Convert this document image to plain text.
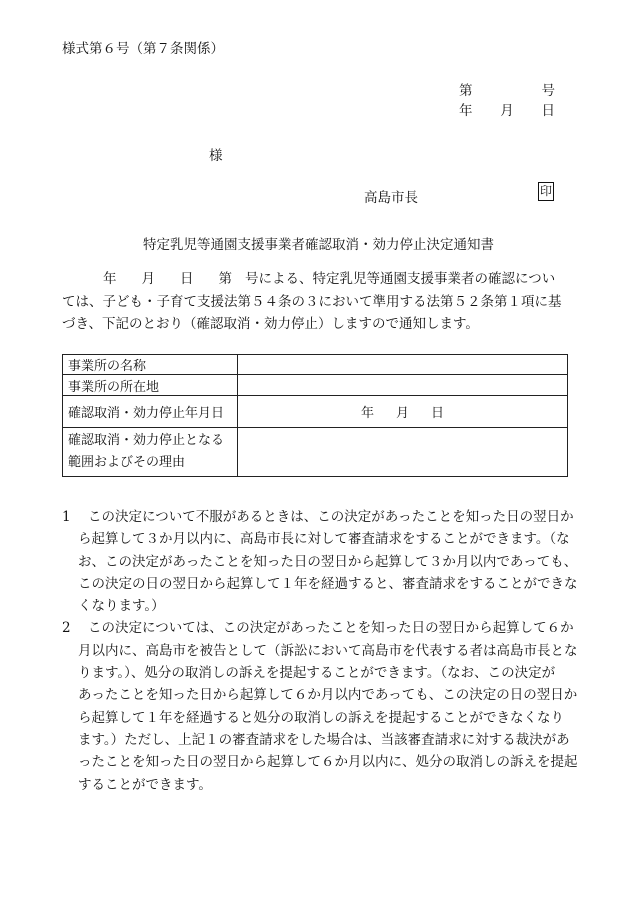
様式第６号（第７条関係）
第	号
年 月 日
様
高島市長	印
特定乳児等通園支援事業者確認取消・効力停止決定通知書
年 月 日 第 号による、特定乳児等通園支援事業者の確認につい
ては、子ども・子育て支援法第５４条の３において準用する法第５２条第１項に基
づき、下記のとおり（確認取消・効力停止）しますので通知します。
事業所の名称	
事業所の所在地	
確認取消・効力停止年月日	年 月 日

確認取消・効力停止となる
範囲およびその理由	

1	この決定について不服があるときは、この決定があったことを知った日の翌日か
ら起算して３か月以内に、高島市長に対して審査請求をすることができます。（な
お、この決定があったことを知った日の翌日から起算して３か月以内であっても、
この決定の日の翌日から起算して１年を経過すると、審査請求をすることができな
くなります。）
2	この決定については、この決定があったことを知った日の翌日から起算して６か
月以内に、高島市を被告として（訴訟において高島市を代表する者は高島市長とな
ります。）、処分の取消しの訴えを提起することができます。（なお、この決定が
あったことを知った日から起算して６か月以内であっても、この決定の日の翌日か
ら起算して１年を経過すると処分の取消しの訴えを提起することができなくなり
ます。）ただし、上記１の審査請求をした場合は、当該審査請求に対する裁決があ
ったことを知った日の翌日から起算して６か月以内に、処分の取消しの訴えを提起
することができます。
